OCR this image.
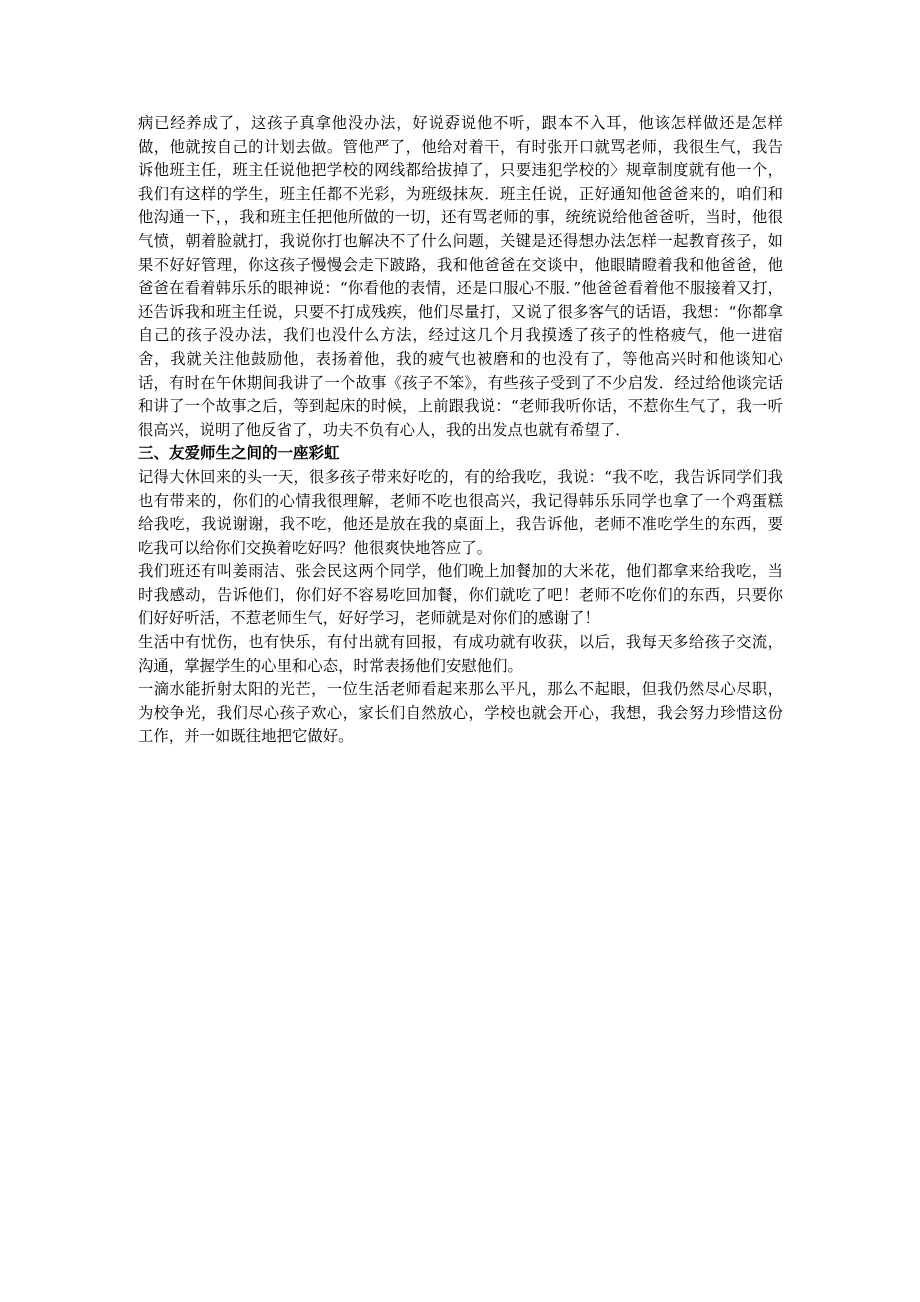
病已经养成了，这孩子真拿他没办法，好说孬说他不听，跟本不入耳，他该怎样做还是怎样做，他就按自己的计划去做。管他严了，他给对着干，有时张开口就骂老师，我很生气，我告诉他班主任，班主任说他把学校的网线都给拔掉了，只要违犯学校的〉规章制度就有他一个，我们有这样的学生，班主任都不光彩，为班级抹灰．班主任说，正好通知他爸爸来的，咱们和他沟通一下，，我和班主任把他所做的一切，还有骂老师的事，统统说给他爸爸听，当时，他很气愤，朝着脸就打，我说你打也解决不了什么问题，关键是还得想办法怎样一起教育孩子，如果不好好管理，你这孩子慢慢会走下跛路，我和他爸爸在交谈中，他眼睛瞪着我和他爸爸，他爸爸在看着韩乐乐的眼神说：“你看他的表情，还是口服心不服．”他爸爸看着他不服接着又打，还告诉我和班主任说，只要不打成残疾，他们尽量打，又说了很多客气的话语，我想：“你都拿自己的孩子没办法，我们也没什么方法，经过这几个月我摸透了孩子的性格疲气，他一进宿舍，我就关注他鼓励他，表扬着他，我的疲气也被磨和的也没有了，等他高兴时和他谈知心话，有时在午休期间我讲了一个故事《孩子不笨》，有些孩子受到了不少启发．经过给他谈完话和讲了一个故事之后，等到起床的时候，上前跟我说：“老师我听你话，不惹你生气了，我一听很高兴，说明了他反省了，功夫不负有心人，我的出发点也就有希望了．

三、友爱师生之间的一座彩虹

记得大休回来的头一天，很多孩子带来好吃的，有的给我吃，我说：“我不吃，我告诉同学们我也有带来的，你们的心情我很理解，老师不吃也很高兴，我记得韩乐乐同学也拿了一个鸡蛋糕给我吃，我说谢谢，我不吃，他还是放在我的桌面上，我告诉他，老师不准吃学生的东西，要吃我可以给你们交换着吃好吗？他很爽快地答应了。

我们班还有叫姜雨洁、张会民这两个同学，他们晚上加餐加的大米花，他们都拿来给我吃，当时我感动，告诉他们，你们好不容易吃回加餐，你们就吃了吧！老师不吃你们的东西，只要你们好好听活，不惹老师生气，好好学习，老师就是对你们的感谢了！

生活中有忧伤，也有快乐，有付出就有回报，有成功就有收获，以后，我每天多给孩子交流，沟通，掌握学生的心里和心态，时常表扬他们安慰他们。

一滴水能折射太阳的光芒，一位生活老师看起来那么平凡，那么不起眼，但我仍然尽心尽职，为校争光，我们尽心孩子欢心，家长们自然放心，学校也就会开心，我想，我会努力珍惜这份工作，并一如既往地把它做好。
